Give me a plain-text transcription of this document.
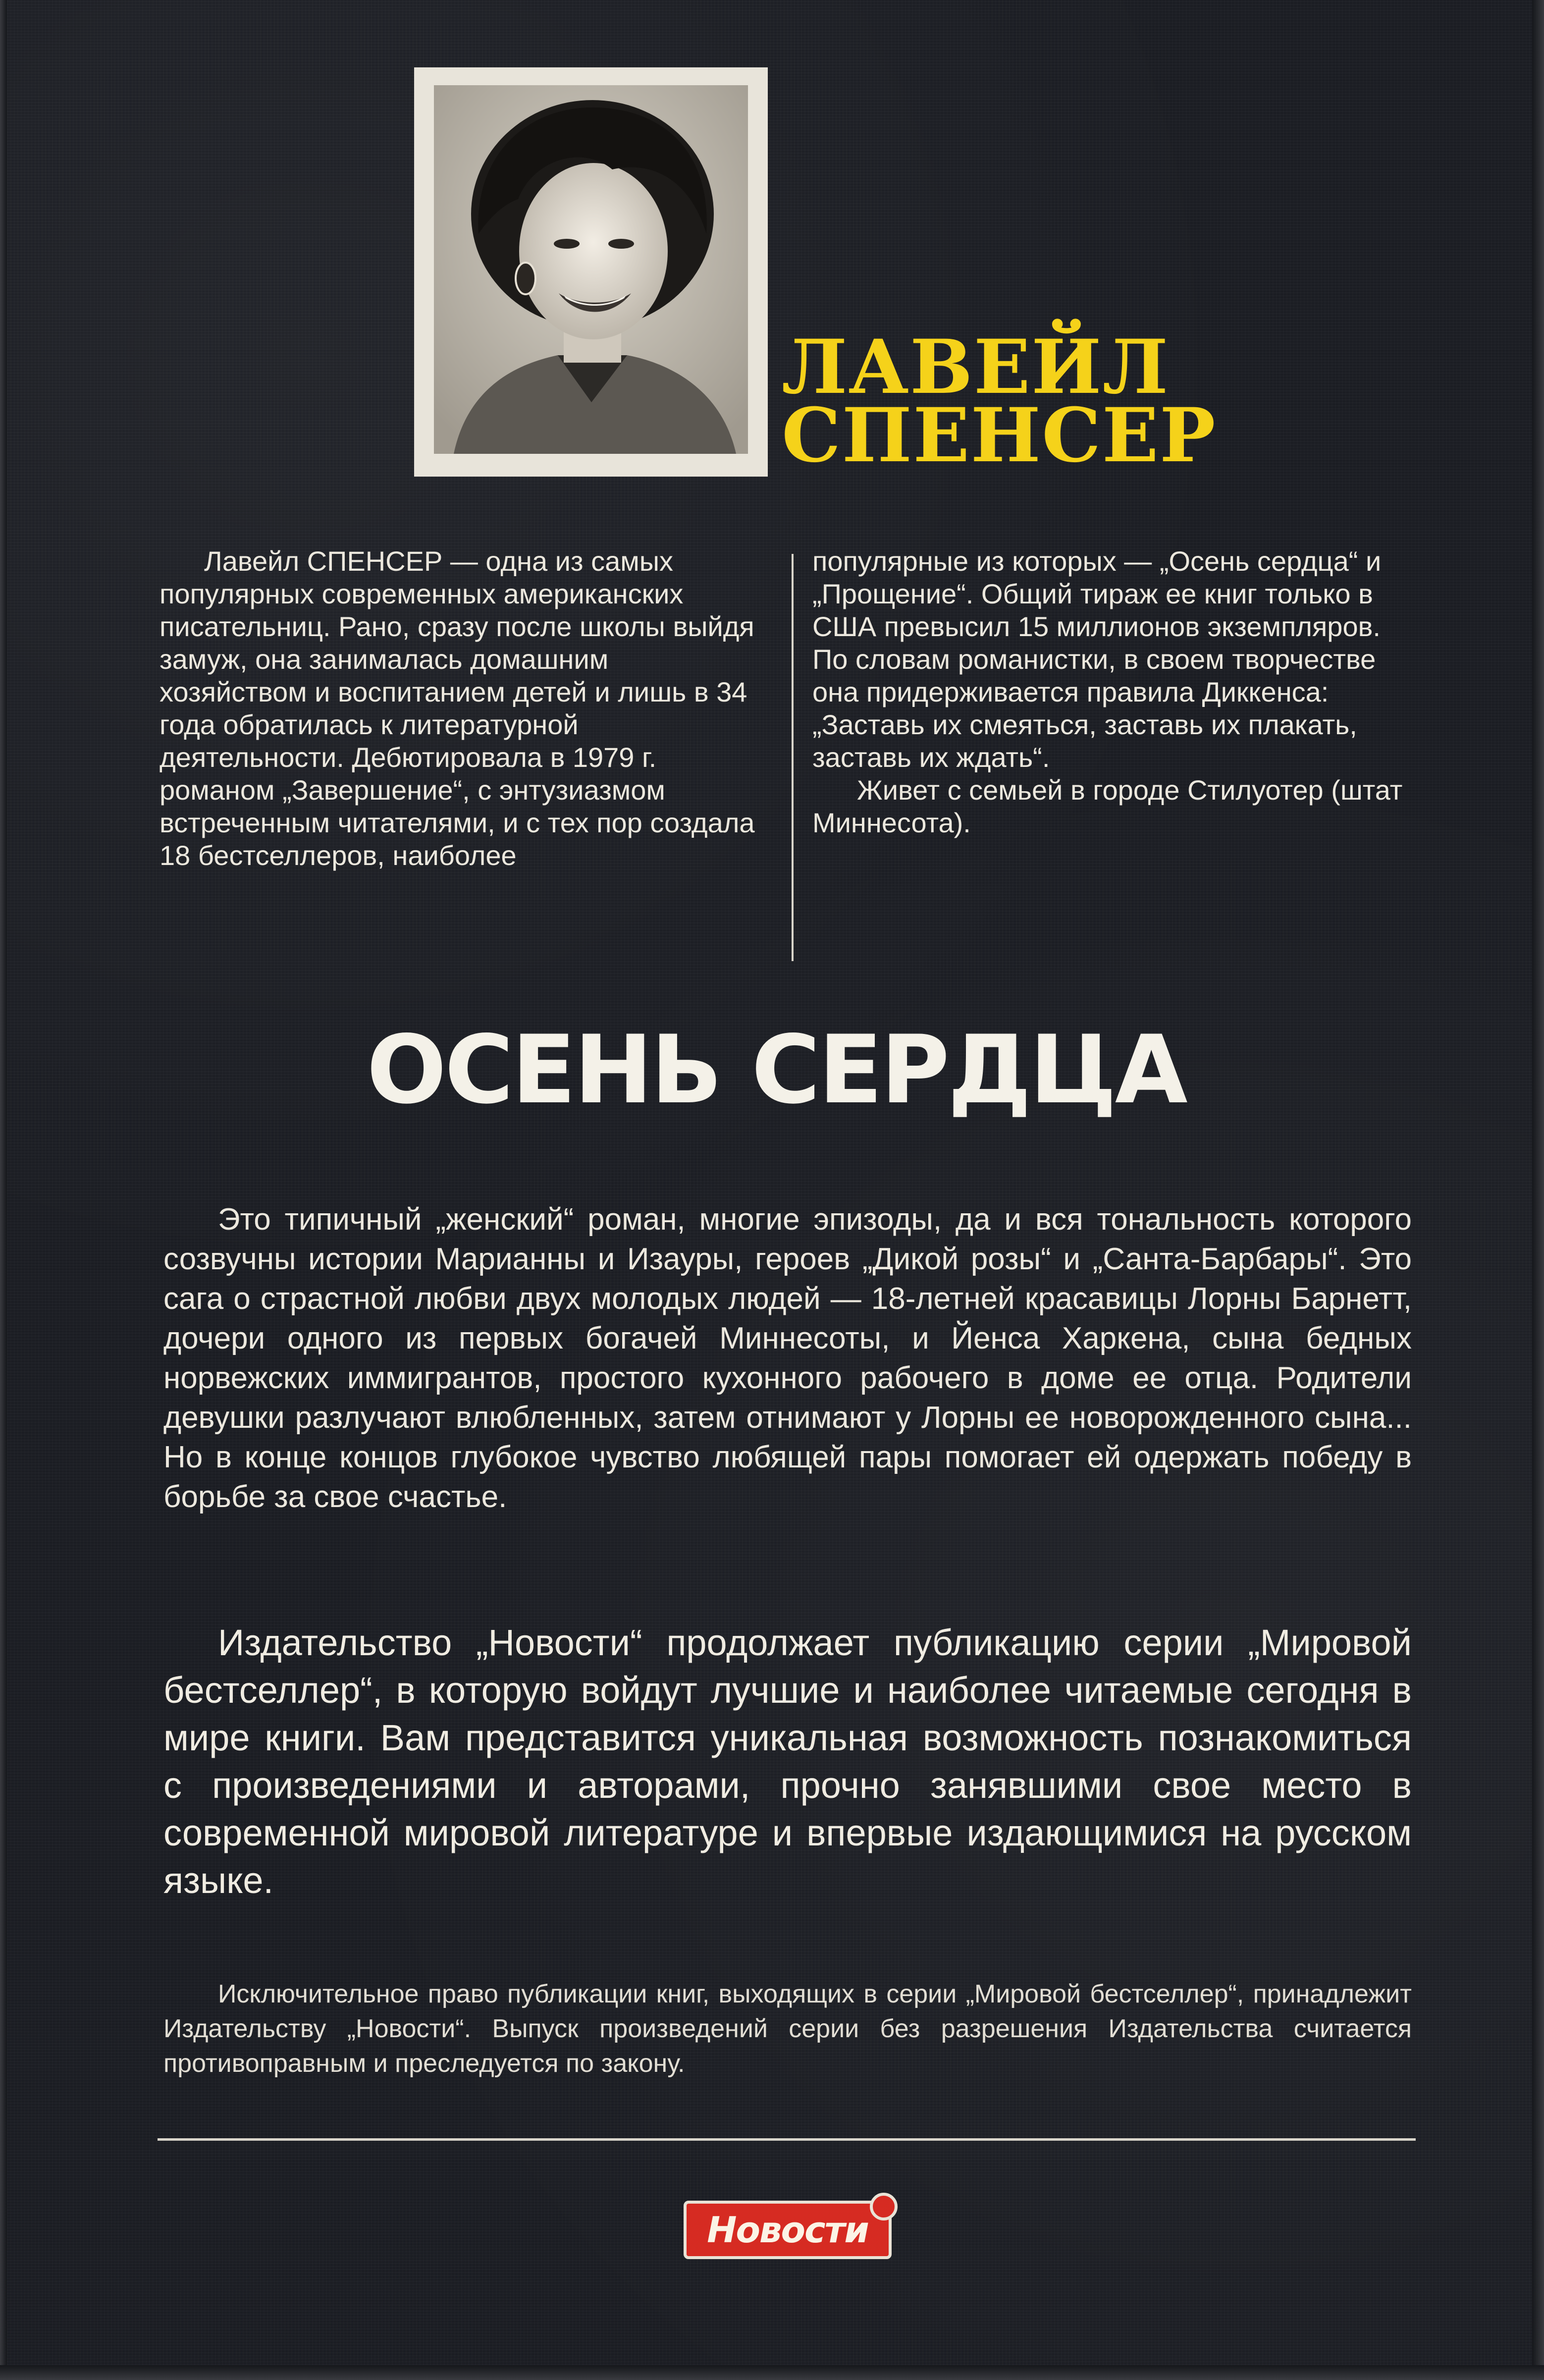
ЛАВЕЙЛ
СПЕНСЕР

Лавейл СПЕНСЕР — одна из самых популярных современных американских писательниц. Рано, сразу после школы выйдя замуж, она занималась домашним хозяйством и воспитанием детей и лишь в 34 года обратилась к литературной деятельности. Дебютировала в 1979 г. романом „Завершение“, с энтузиазмом встреченным читателями, и с тех пор создала 18 бестселлеров, наиболее

популярные из которых — „Осень сердца“ и „Прощение“. Общий тираж ее книг только в США превысил 15 миллионов экземпляров. По словам романистки, в своем творчестве она придерживается правила Диккенса: „Заставь их смеяться, заставь их плакать, заставь их ждать“.

Живет с семьей в городе Стилуотер (штат Миннесота).

ОСЕНЬ СЕРДЦА

Это типичный „женский“ роман, многие эпизоды, да и вся тональность которого созвучны истории Марианны и Изауры, героев „Дикой розы“ и „Санта-Барбары“. Это сага о страстной любви двух молодых людей — 18-летней красавицы Лорны Барнетт, дочери одного из первых богачей Миннесоты, и Йенса Харкена, сына бедных норвежских иммигрантов, простого кухонного рабочего в доме ее отца. Родители девушки разлучают влюбленных, затем отнимают у Лорны ее новорожденного сына... Но в конце концов глубокое чувство любящей пары помогает ей одержать победу в борьбе за свое счастье.

Издательство „Новости“ продолжает публикацию серии „Мировой бестселлер“, в которую войдут лучшие и наиболее читаемые сегодня в мире книги. Вам представится уникальная возможность познакомиться с произведениями и авторами, прочно занявшими свое место в современной мировой литературе и впервые издающимися на русском языке.

Исключительное право публикации книг, выходящих в серии „Мировой бестселлер“, принадлежит Издательству „Новости“. Выпуск произведений серии без разрешения Издательства считается противоправным и преследуется по закону.

Новости
